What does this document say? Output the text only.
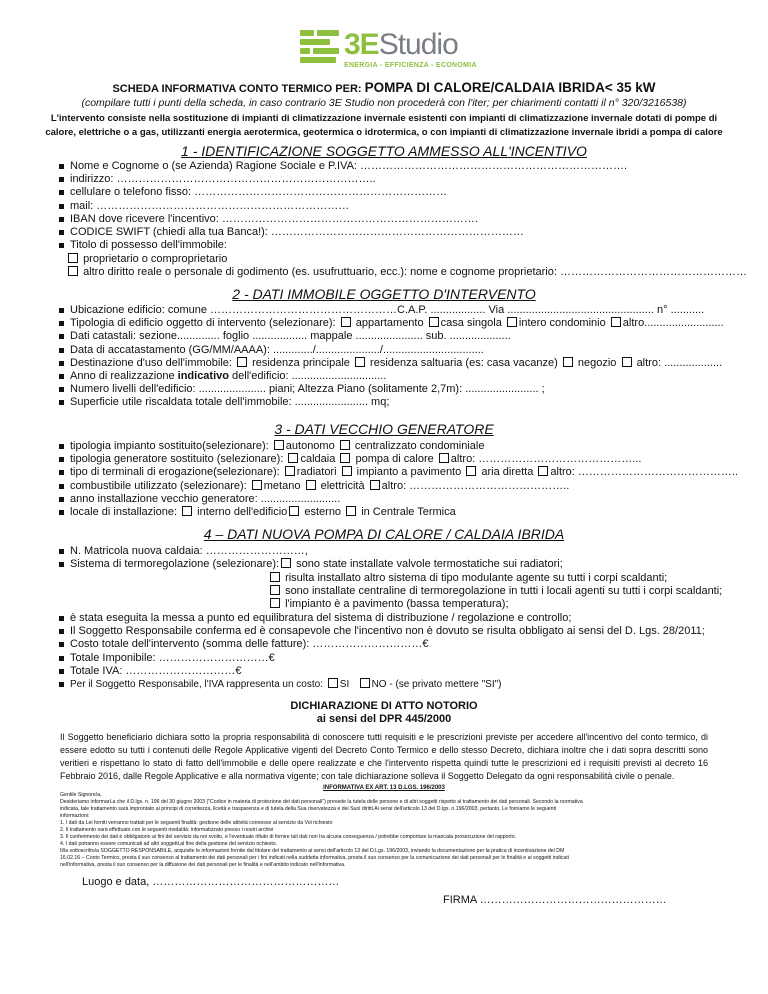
3EStudio
ENERGIA - EFFICIENZA - ECONOMIA
SCHEDA INFORMATIVA CONTO TERMICO PER: POMPA DI CALORE/CALDAIA IBRIDA< 35 kW
(compilare tutti i punti della scheda, in caso contrario 3E Studio non procederà con l'iter; per chiarimenti contatti il n° 320/3216538)
L'intervento consiste nella sostituzione di impianti di climatizzazione invernale esistenti con impianti di climatizzazione invernale dotati di pompe di
calore, elettriche o a gas, utilizzanti energia aerotermica, geotermica o idrotermica, o con impianti di climatizzazione invernale ibridi a pompa di calore
1 - IDENTIFICAZIONE SOGGETTO AMMESSO ALL'INCENTIVO
Nome e Cognome o (se Azienda) Ragione Sociale e P.IVA: ……………………………………………………………….
indirizzo: ……………………………………………………………..
cellulare o telefono fisso: ……………………………………………………………
mail: ……………………………………………………………
IBAN dove ricevere l'incentivo: …………………………………………………………….
CODICE SWIFT (chiedi alla tua Banca!): ……………………………………………………………
Titolo di possesso dell'immobile:
proprietario o comproprietario
altro diritto reale o personale di godimento (es. usufruttuario, ecc.): nome e cognome proprietario: ……………………………………………
2 - DATI IMMOBILE OGGETTO D'INTERVENTO
Ubicazione edificio: comune ……………………………………………C.A.P. .................. Via ................................................ n° ...........
Tipologia di edificio oggetto di intervento (selezionare): appartamento casa singola intero condominio altro..........................
Dati catastali: sezione.............. foglio .................. mappale ...................... sub. ....................
Data di accatastamento (GG/MM/AAAA): ............./...................../.................................
Destinazione d'uso dell'immobile: residenza principale residenza saltuaria (es: casa vacanze) negozio altro: ...................
Anno di realizzazione indicativo dell'edificio: ...............................
Numero livelli dell'edificio: ...................... piani; Altezza Piano (solitamente 2,7m): ........................ ;
Superficie utile riscaldata totale dell'immobile: ........................ mq;
3 - DATI VECCHIO GENERATORE
tipologia impianto sostituito(selezionare): autonomo centralizzato condominiale
tipologia generatore sostituito (selezionare): caldaia pompa di calore altro: ……………………………………...
tipo di terminali di erogazione(selezionare): radiatori impianto a pavimento aria diretta altro: ……………………………………..
combustibile utilizzato (selezionare): metano elettricità altro: ……………………………………..
anno installazione vecchio generatore: ..........................
locale di installazione: interno dell'edificio esterno in Centrale Termica
4 – DATI NUOVA POMPA DI CALORE / CALDAIA IBRIDA
N. Matricola nuova caldaia: ………………………,
Sistema di termoregolazione (selezionare): sono state installate valvole termostatiche sui radiatori;
risulta installato altro sistema di tipo modulante agente su tutti i corpi scaldanti;
sono installate centraline di termoregolazione in tutti i locali agenti su tutti i corpi scaldanti;
l'impianto è a pavimento (bassa temperatura);
è stata eseguita la messa a punto ed equilibratura del sistema di distribuzione / regolazione e controllo;
Il Soggetto Responsabile conferma ed è consapevole che l'incentivo non è dovuto se risulta obbligato ai sensi del D. Lgs. 28/2011;
Costo totale dell'intervento (somma delle fatture): …………………………€
Totale Imponibile: …………………………€
Totale IVA: …………………………€
Per il Soggetto Responsabile, l'IVA rappresenta un costo: SI NO - (se privato mettere "SI")
DICHIARAZIONE DI ATTO NOTORIO
ai sensi del DPR 445/2000
Il Soggetto beneficiario dichiara sotto la propria responsabilità di conoscere tutti requisiti e le prescrizioni previste per accedere all'incentivo del conto termico, di essere edotto su tutti i contenuti delle Regole Applicative vigenti del Decreto Conto Termico e dello stesso Decreto, dichiara inoltre che i dati sopra descritti sono veritieri e rispettano lo stato di fatto dell'immobile e delle opere realizzate e che l'intervento rispetta quindi tutte le prescrizioni ed i requisiti previsti al decreto 16 Febbraio 2016, dalle Regole Applicative e alla normativa vigente; con tale dichiarazione solleva il Soggetto Delegato da ogni responsabilità civile o penale.
INFORMATIVA EX ART. 13 D.LGS. 196/2003
Gentile Signore/a,
Desideriamo informarLa che il D.lgs. n. 196 del 30 giugno 2003 ("Codice in materia di protezione dei dati personali") prevede la tutela delle persone e di altri soggetti rispetto al trattamento dei dati personali. Secondo la normativa
indicata, tale trattamento sarà improntato ai principi di correttezza, liceità e trasparenza e di tutela della Sua riservatezza e dei Suoi diritti.Ai sensi dell'articolo 13 del D.lgs. n.196/2003, pertanto, Le forniamo le seguenti
informazioni:
1. I dati da Lei forniti verranno trattati per le seguenti finalità: gestione delle attività connesse al servizio da Voi richiesto
2. Il trattamento sarà effettuato con le seguenti modalità: informatizzato presso i nostri archivi
3. Il conferimento dei dati è obbligatorio ai fini del servizio da noi svolto, e l'eventuale rifiuto di fornire tali dati non ha alcuna conseguenza / potrebbe comportare la mancata prosecuzione del rapporto.
4. I dati potranno essere comunicati ad altri soggetti,al fine della gestione del servizio richiesto.
Il/la sottoscritto/a SOGGETTO RESPONSABILE, acquisite le informazioni fornite dal titolare del trattamento ai sensi dell'articolo 13 del D.Lgs. 196/2003, inviando la documentazione per la pratica di incentivazione del DM
16.02.16 – Conto Termico, presta il suo consenso al trattamento dei dati personali per i fini indicati nella suddetta informativa, presta il suo consenso per la comunicazione dei dati personali per le finalità e ai soggetti indicati
nell'informativa, presta il suo consenso per la diffusione dei dati personali per le finalità e nell'ambito indicato nell'informativa.
Luogo e data, ……………………………………………
FIRMA ……………………………………………
